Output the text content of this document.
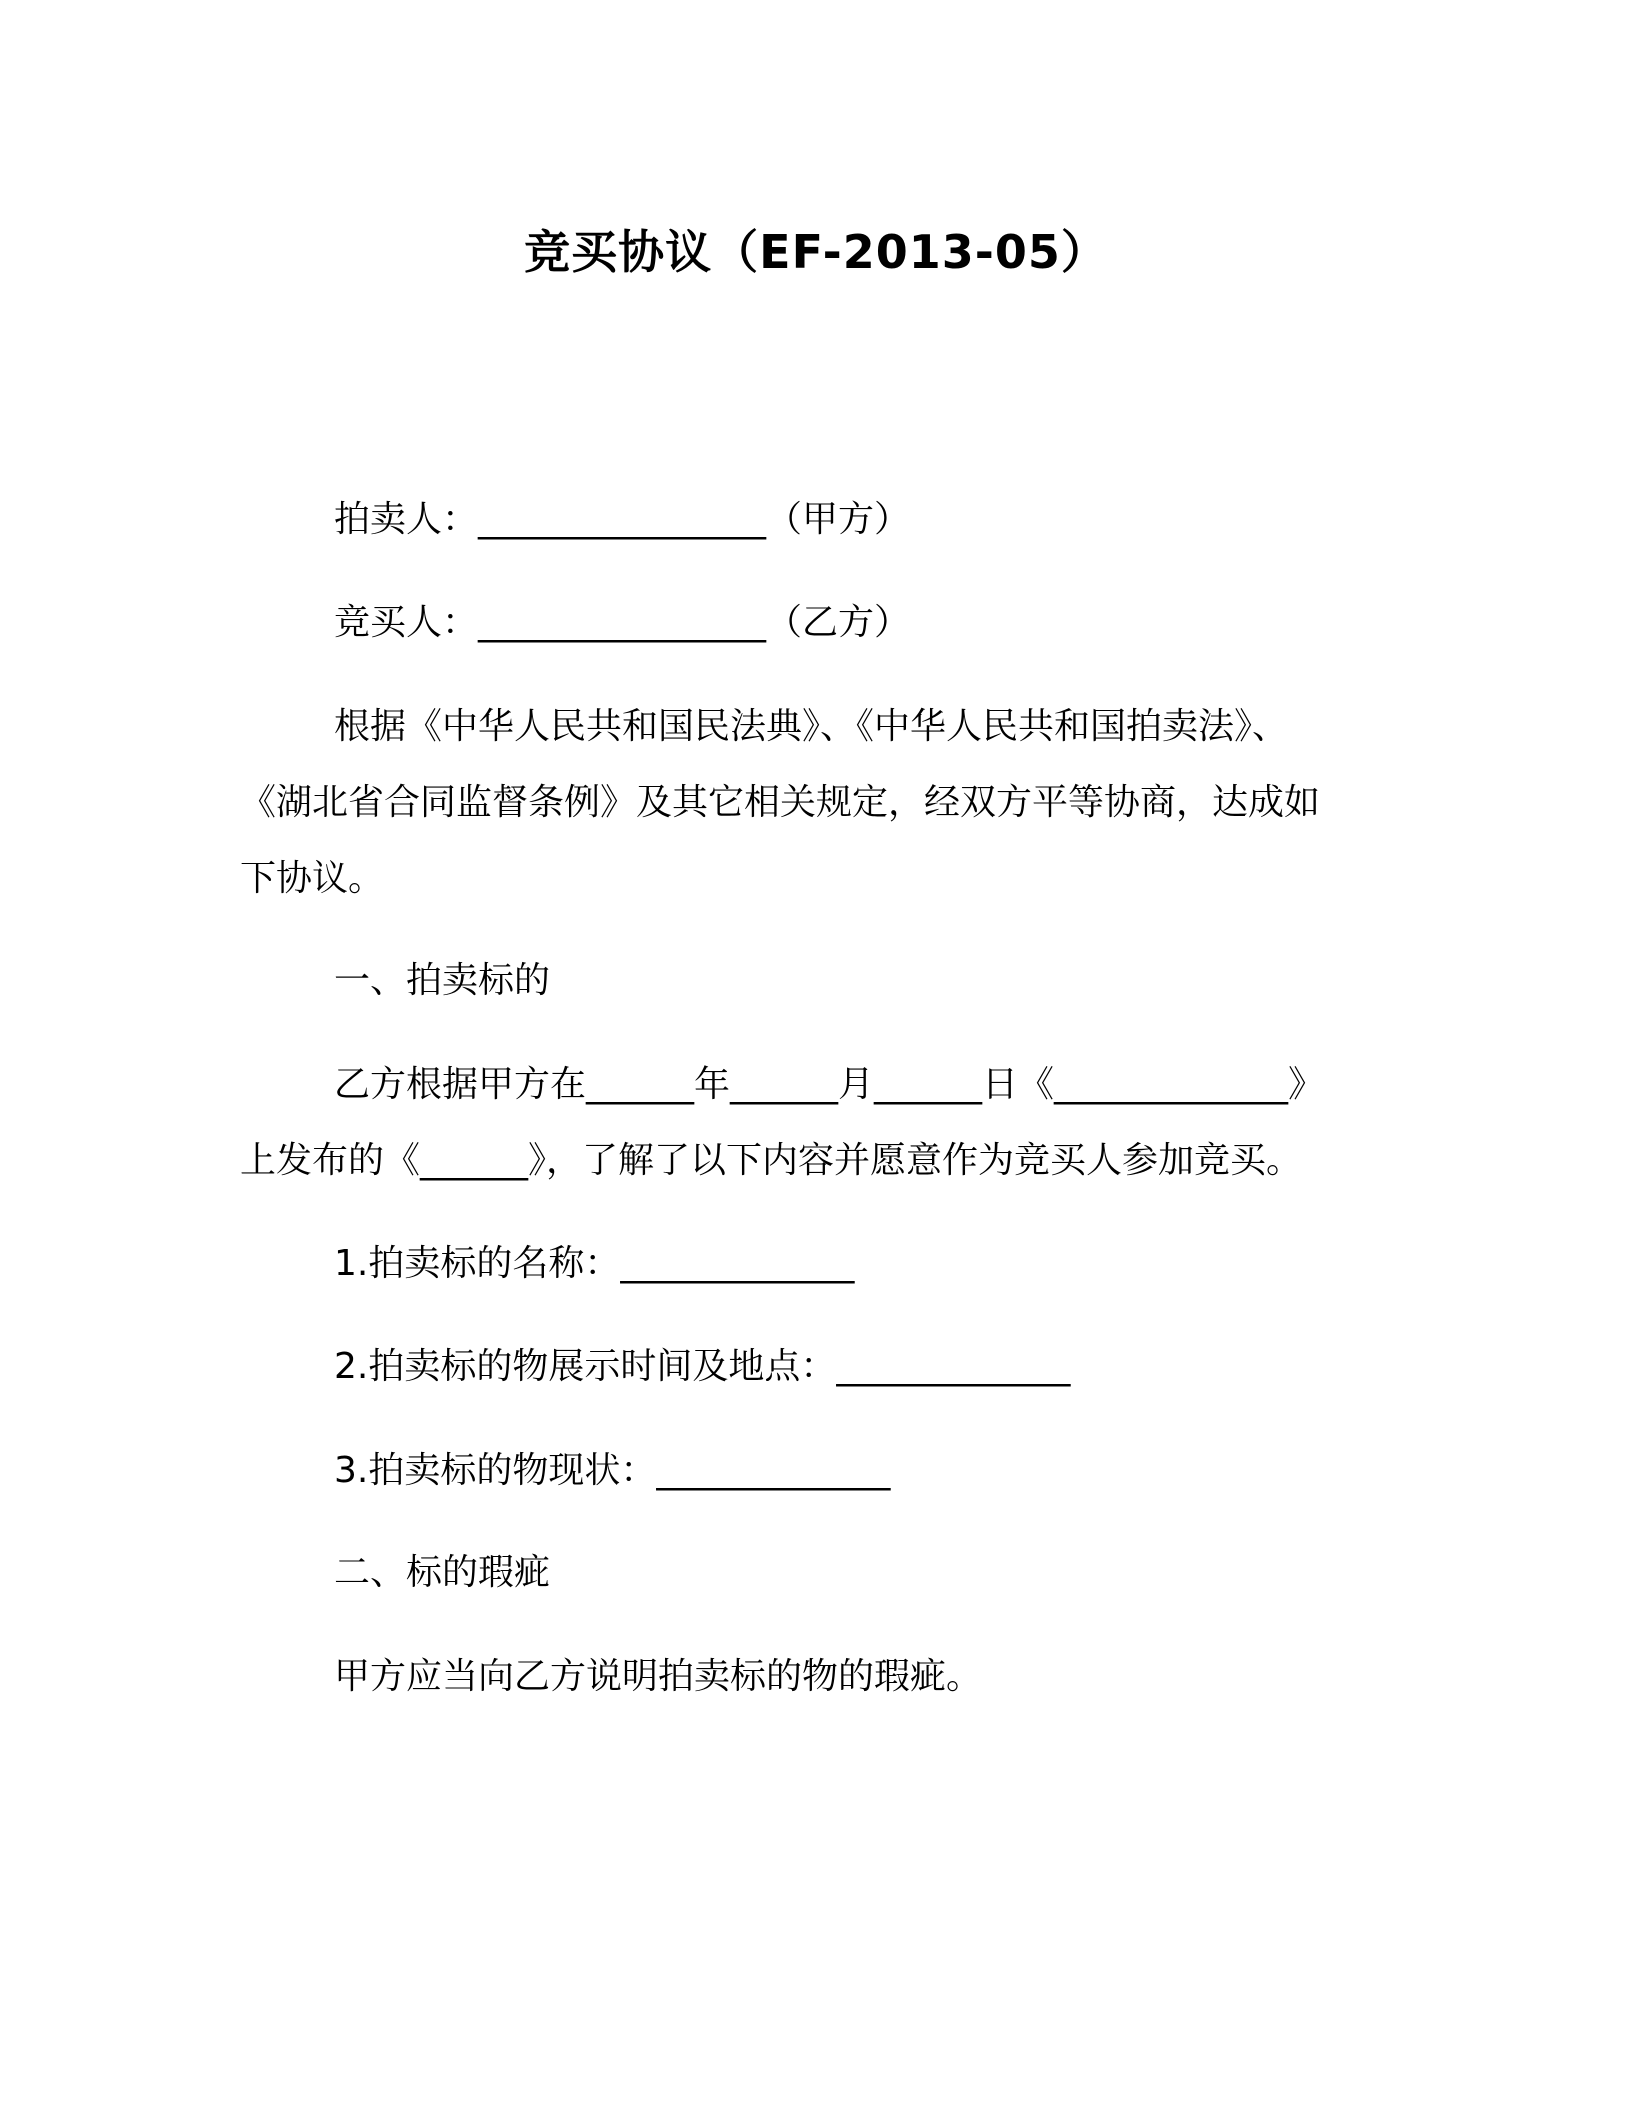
竞买协议（EF-2013-05）
拍卖人：________________（甲方）
竞买人：________________（乙方）
根据《中华人民共和国民法典》、《中华人民共和国拍卖法》、
《湖北省合同监督条例》及其它相关规定，经双方平等协商，达成如
下协议。
一、拍卖标的
乙方根据甲方在______年______月______日《_____________》
上发布的《______》，了解了以下内容并愿意作为竞买人参加竞买。
1.拍卖标的名称：_____________
2.拍卖标的物展示时间及地点：_____________
3.拍卖标的物现状：_____________
二、标的瑕疵
甲方应当向乙方说明拍卖标的物的瑕疵。
